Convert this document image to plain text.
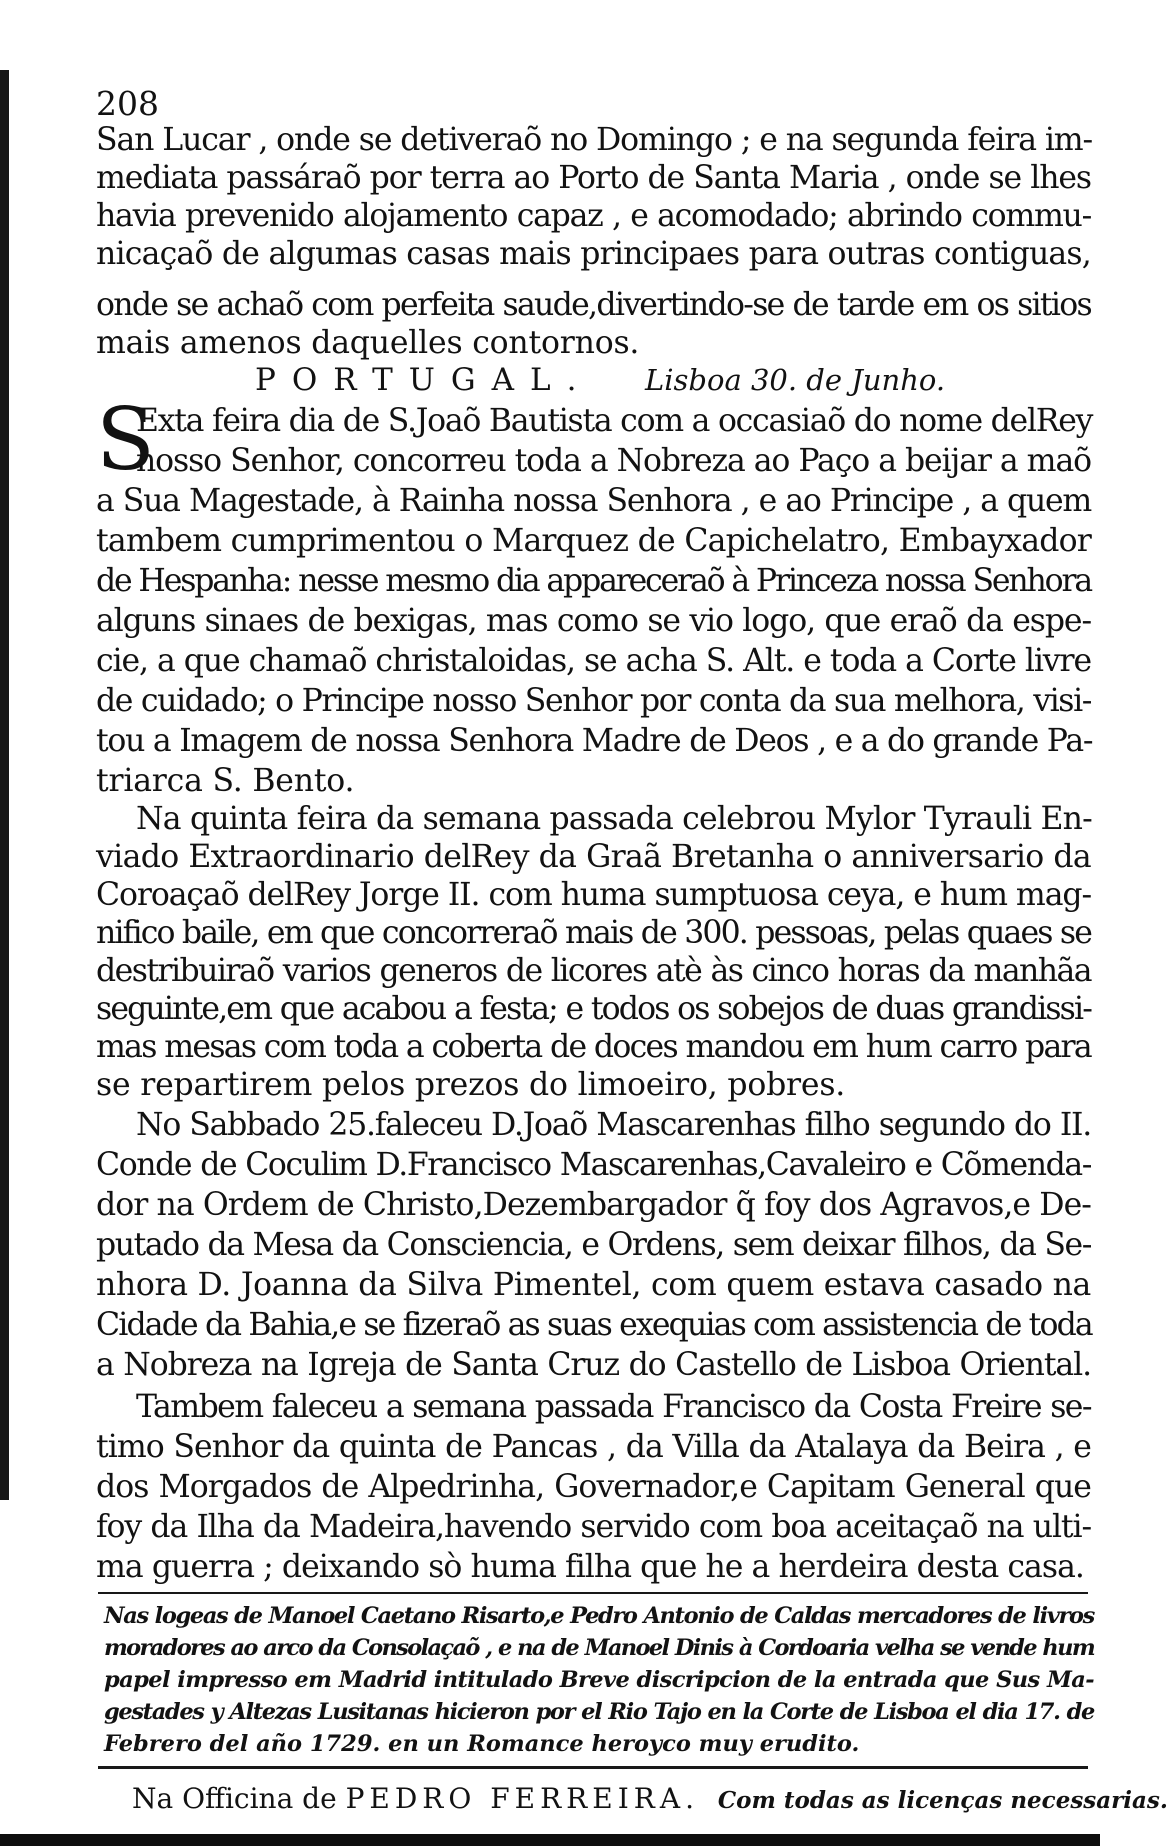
208
San Lucar , onde se detiveraõ no Domingo ; e na segunda feira im-
mediata passáraõ por terra ao Porto de Santa Maria , onde se lhes
havia prevenido alojamento capaz , e acomodado; abrindo commu-
nicaçaõ de algumas casas mais principaes para outras contiguas,
onde se achaõ com perfeita saude,divertindo-se de tarde em os sitios
mais amenos daquelles contornos.
PORTUGAL. Lisboa 30. de Junho.
S
Exta feira dia de S.Joaõ Bautista com a occasiaõ do nome delRey
nosso Senhor, concorreu toda a Nobreza ao Paço a beijar a maõ
a Sua Magestade, à Rainha nossa Senhora , e ao Principe , a quem
tambem cumprimentou o Marquez de Capichelatro, Embayxador
de Hespanha: nesse mesmo dia appareceraõ à Princeza nossa Senhora
alguns sinaes de bexigas, mas como se vio logo, que eraõ da espe-
cie, a que chamaõ christaloidas, se acha S. Alt. e toda a Corte livre
de cuidado; o Principe nosso Senhor por conta da sua melhora, visi-
tou a Imagem de nossa Senhora Madre de Deos , e a do grande Pa-
triarca S. Bento.
Na quinta feira da semana passada celebrou Mylor Tyrauli En-
viado Extraordinario delRey da Graã Bretanha o anniversario da
Coroaçaõ delRey Jorge II. com huma sumptuosa ceya, e hum mag-
nifico baile, em que concorreraõ mais de 300. pessoas, pelas quaes se
destribuiraõ varios generos de licores atè às cinco horas da manhãa
seguinte,em que acabou a festa; e todos os sobejos de duas grandissi-
mas mesas com toda a coberta de doces mandou em hum carro para
se repartirem pelos prezos do limoeiro, pobres.
No Sabbado 25.faleceu D.Joaõ Mascarenhas filho segundo do II.
Conde de Coculim D.Francisco Mascarenhas,Cavaleiro e Cõmenda-
dor na Ordem de Christo,Dezembargador q̃ foy dos Agravos,e De-
putado da Mesa da Consciencia, e Ordens, sem deixar filhos, da Se-
nhora D. Joanna da Silva Pimentel, com quem estava casado na
Cidade da Bahia,e se fizeraõ as suas exequias com assistencia de toda
a Nobreza na Igreja de Santa Cruz do Castello de Lisboa Oriental.
Tambem faleceu a semana passada Francisco da Costa Freire se-
timo Senhor da quinta de Pancas , da Villa da Atalaya da Beira , e
dos Morgados de Alpedrinha, Governador,e Capitam General que
foy da Ilha da Madeira,havendo servido com boa aceitaçaõ na ulti-
ma guerra ; deixando sò huma filha que he a herdeira desta casa.
Nas logeas de Manoel Caetano Risarto,e Pedro Antonio de Caldas mercadores de livros
moradores ao arco da Consolaçaõ , e na de Manoel Dinis à Cordoaria velha se vende hum
papel impresso em Madrid intitulado Breve discripcion de la entrada que Sus Ma-
gestades y Altezas Lusitanas hicieron por el Rio Tajo en la Corte de Lisboa el dia 17. de
Febrero del año 1729. en un Romance heroyco muy erudito.
Na Officina de PEDRO FERREIRA. Com todas as licenças necessarias.
